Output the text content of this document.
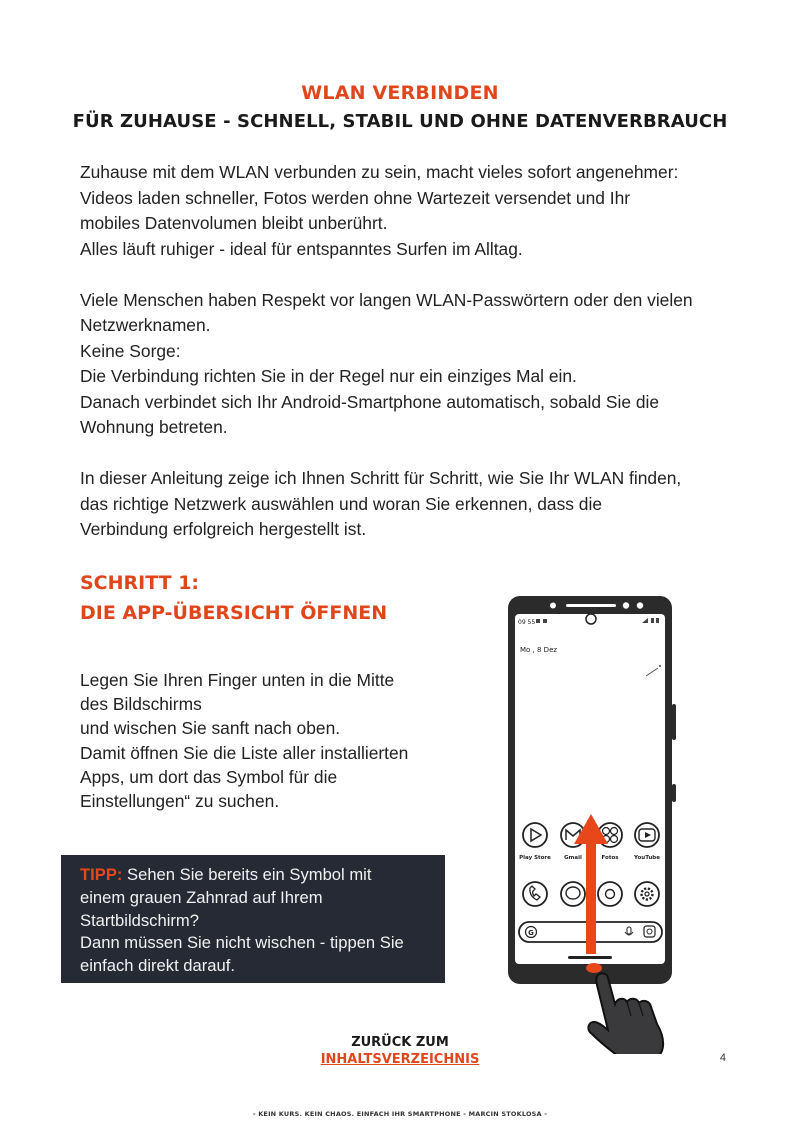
WLAN VERBINDEN
FÜR ZUHAUSE - SCHNELL, STABIL UND OHNE DATENVERBRAUCH

Zuhause mit dem WLAN verbunden zu sein, macht vieles sofort angenehmer:

Videos laden schneller, Fotos werden ohne Wartezeit versendet und Ihr

mobiles Datenvolumen bleibt unberührt.

Alles läuft ruhiger - ideal für entspanntes Surfen im Alltag.

Viele Menschen haben Respekt vor langen WLAN-Passwörtern oder den vielen

Netzwerknamen.

Keine Sorge:

Die Verbindung richten Sie in der Regel nur ein einziges Mal ein.

Danach verbindet sich Ihr Android-Smartphone automatisch, sobald Sie die

Wohnung betreten.

In dieser Anleitung zeige ich Ihnen Schritt für Schritt, wie Sie Ihr WLAN finden,

das richtige Netzwerk auswählen und woran Sie erkennen, dass die

Verbindung erfolgreich hergestellt ist.

SCHRITT 1:
DIE APP-ÜBERSICHT ÖFFNEN

Legen Sie Ihren Finger unten in die Mitte

des Bildschirms

und wischen Sie sanft nach oben.

Damit öffnen Sie die Liste aller installierten

Apps, um dort das Symbol für die

Einstellungen“ zu suchen.

TIPP: Sehen Sie bereits ein Symbol mit
einem grauen Zahnrad auf Ihrem
Startbildschirm?
Dann müssen Sie nicht wischen - tippen Sie
einfach direkt darauf.
09 55
Mo , 8 Dez
Play Store Gmail	Fotos	YouTube
G
ZURÜCK ZUM
INHALTSVERZEICHNIS	4
- KEIN KURS. KEIN CHAOS. EINFACH IHR SMARTPHONE - MARCIN STOKLOSA -
